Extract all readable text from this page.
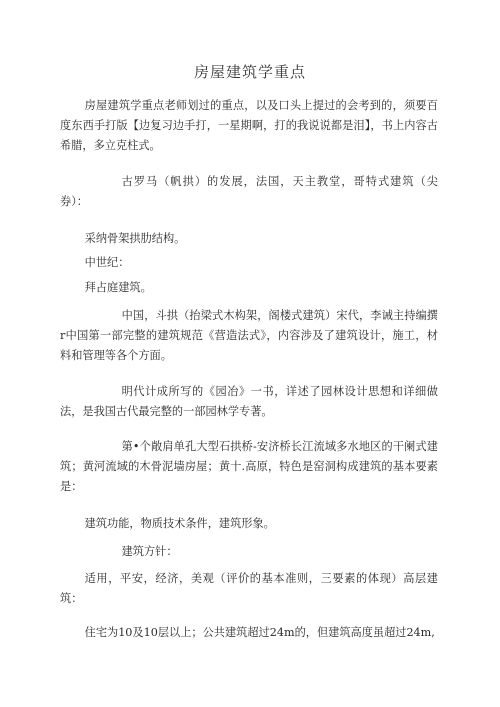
房屋建筑学重点

房屋建筑学重点老师划过的重点，以及口头上提过的会考到的，须要百度东西手打版【边复习边手打，一星期啊，打的我说说都是泪】，书上内容古希腊，多立克柱式。

古罗马（帆拱）的发展，法国，天主教堂，哥特式建筑（尖券）：

采纳骨架拱肋结构。

中世纪：

拜占庭建筑。

中国，斗拱（抬梁式木构架，阁楼式建筑）宋代，李诫主持编撰r中国第一部完整的建筑规范《营造法式》，内容涉及了建筑设计，施工，材料和管理等各个方面。

明代计成所写的《园冶》一书，详述了园林设计思想和详细做法，是我国古代最完整的一部园林学专著。

第•个敞肩单孔大型石拱桥-安济桥长江流域多水地区的干阑式建筑；黄河流域的木骨泥墙房屋；黄十.高原，特色是窑洞构成建筑的基本要素是：

建筑功能，物质技术条件，建筑形象。

建筑方针：

适用，平安，经济，美观（评价的基本准则，三要素的体现）高层建筑：

住宅为10及10层以上；公共建筑超过24m的，但建筑高度虽超过24m,
